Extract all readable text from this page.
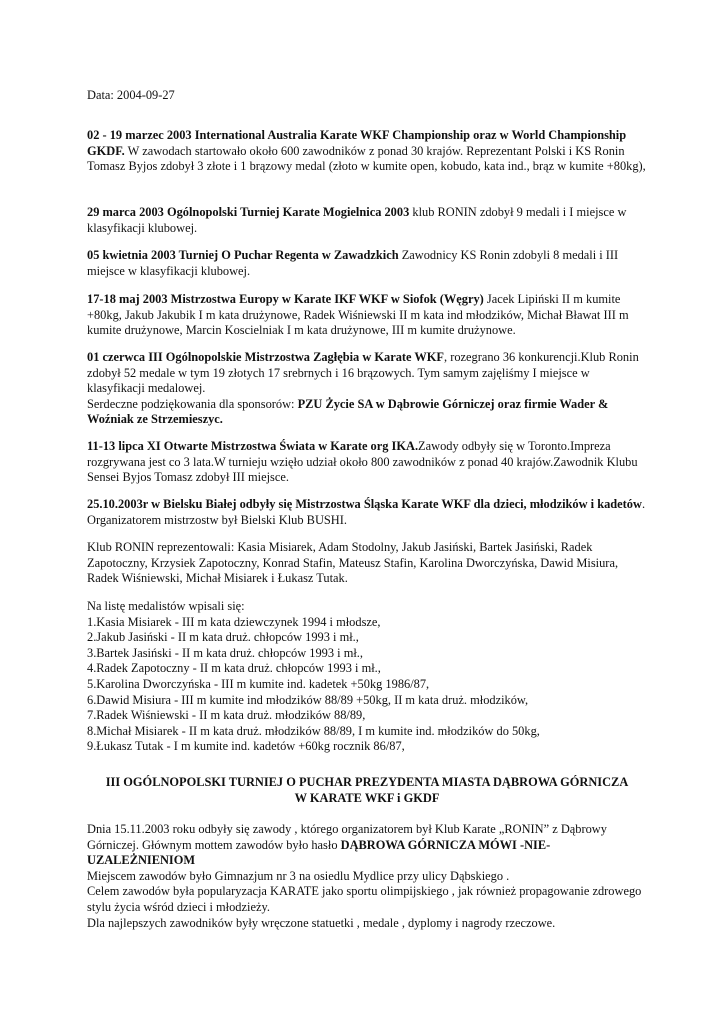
Data: 2004-09-27

02 - 19 marzec 2003 International Australia Karate WKF Championship oraz w World Championship GKDF. W zawodach startowało około 600 zawodników z ponad 30 krajów. Reprezentant Polski i KS Ronin Tomasz Byjos zdobył 3 złote i 1 brązowy medal (złoto w kumite open, kobudo, kata ind., brąz w kumite +80kg),

29 marca 2003 Ogólnopolski Turniej Karate Mogielnica 2003 klub RONIN zdobył 9 medali i I miejsce w klasyfikacji klubowej.

05 kwietnia 2003 Turniej O Puchar Regenta w Zawadzkich Zawodnicy KS Ronin zdobyli 8 medali i III miejsce w klasyfikacji klubowej.

17-18 maj 2003 Mistrzostwa Europy w Karate IKF WKF w Siofok (Węgry) Jacek Lipiński II m kumite +80kg, Jakub Jakubik I m kata drużynowe, Radek Wiśniewski II m kata ind młodzików, Michał Bławat III m kumite drużynowe, Marcin Koscielniak I m kata drużynowe, III m kumite drużynowe.

01 czerwca III Ogólnopolskie Mistrzostwa Zagłębia w Karate WKF, rozegrano 36 konkurencji.Klub Ronin zdobył 52 medale w tym 19 złotych 17 srebrnych i 16 brązowych. Tym samym zajęliśmy I miejsce w klasyfikacji medalowej.

Serdeczne podziękowania dla sponsorów: PZU Życie SA w Dąbrowie Górniczej oraz firmie Wader & Woźniak ze Strzemieszyc.

11-13 lipca XI Otwarte Mistrzostwa Świata w Karate org IKA.Zawody odbyły się w Toronto.Impreza rozgrywana jest co 3 lata.W turnieju wzięło udział około 800 zawodników z ponad 40 krajów.Zawodnik Klubu Sensei Byjos Tomasz zdobył III miejsce.

25.10.2003r w Bielsku Białej odbyły się Mistrzostwa Śląska Karate WKF dla dzieci, młodzików i kadetów. Organizatorem mistrzostw był Bielski Klub BUSHI.

Klub RONIN reprezentowali: Kasia Misiarek, Adam Stodolny, Jakub Jasiński, Bartek Jasiński, Radek Zapotoczny, Krzysiek Zapotoczny, Konrad Stafin, Mateusz Stafin, Karolina Dworczyńska, Dawid Misiura, Radek Wiśniewski, Michał Misiarek i Łukasz Tutak.

Na listę medalistów wpisali się:
1.Kasia Misiarek - III m kata dziewczynek 1994 i młodsze,
2.Jakub Jasiński - II m kata druż. chłopców 1993 i mł.,
3.Bartek Jasiński - II m kata druż. chłopców 1993 i mł.,
4.Radek Zapotoczny - II m kata druż. chłopców 1993 i mł.,
5.Karolina Dworczyńska - III m kumite ind. kadetek +50kg 1986/87,
6.Dawid Misiura - III m kumite ind młodzików 88/89 +50kg, II m kata druż. młodzików,
7.Radek Wiśniewski - II m kata druż. młodzików 88/89,
8.Michał Misiarek - II m kata druż. młodzików 88/89, I m kumite ind. młodzików do 50kg,
9.Łukasz Tutak - I m kumite ind. kadetów +60kg rocznik 86/87,
III OGÓLNOPOLSKI TURNIEJ O PUCHAR PREZYDENTA MIASTA DĄBROWA GÓRNICZA
W KARATE WKF i GKDF

Dnia 15.11.2003 roku odbyły się zawody , którego organizatorem był Klub Karate „RONIN” z Dąbrowy Górniczej. Głównym mottem zawodów było hasło DĄBROWA GÓRNICZA MÓWI -NIE-UZALEŻNIENIOM

Miejscem zawodów było Gimnazjum nr 3 na osiedlu Mydlice przy ulicy Dąbskiego .

Celem zawodów była popularyzacja KARATE jako sportu olimpijskiego , jak również propagowanie zdrowego stylu życia wśród dzieci i młodzieży.

Dla najlepszych zawodników były wręczone statuetki , medale , dyplomy i nagrody rzeczowe.
